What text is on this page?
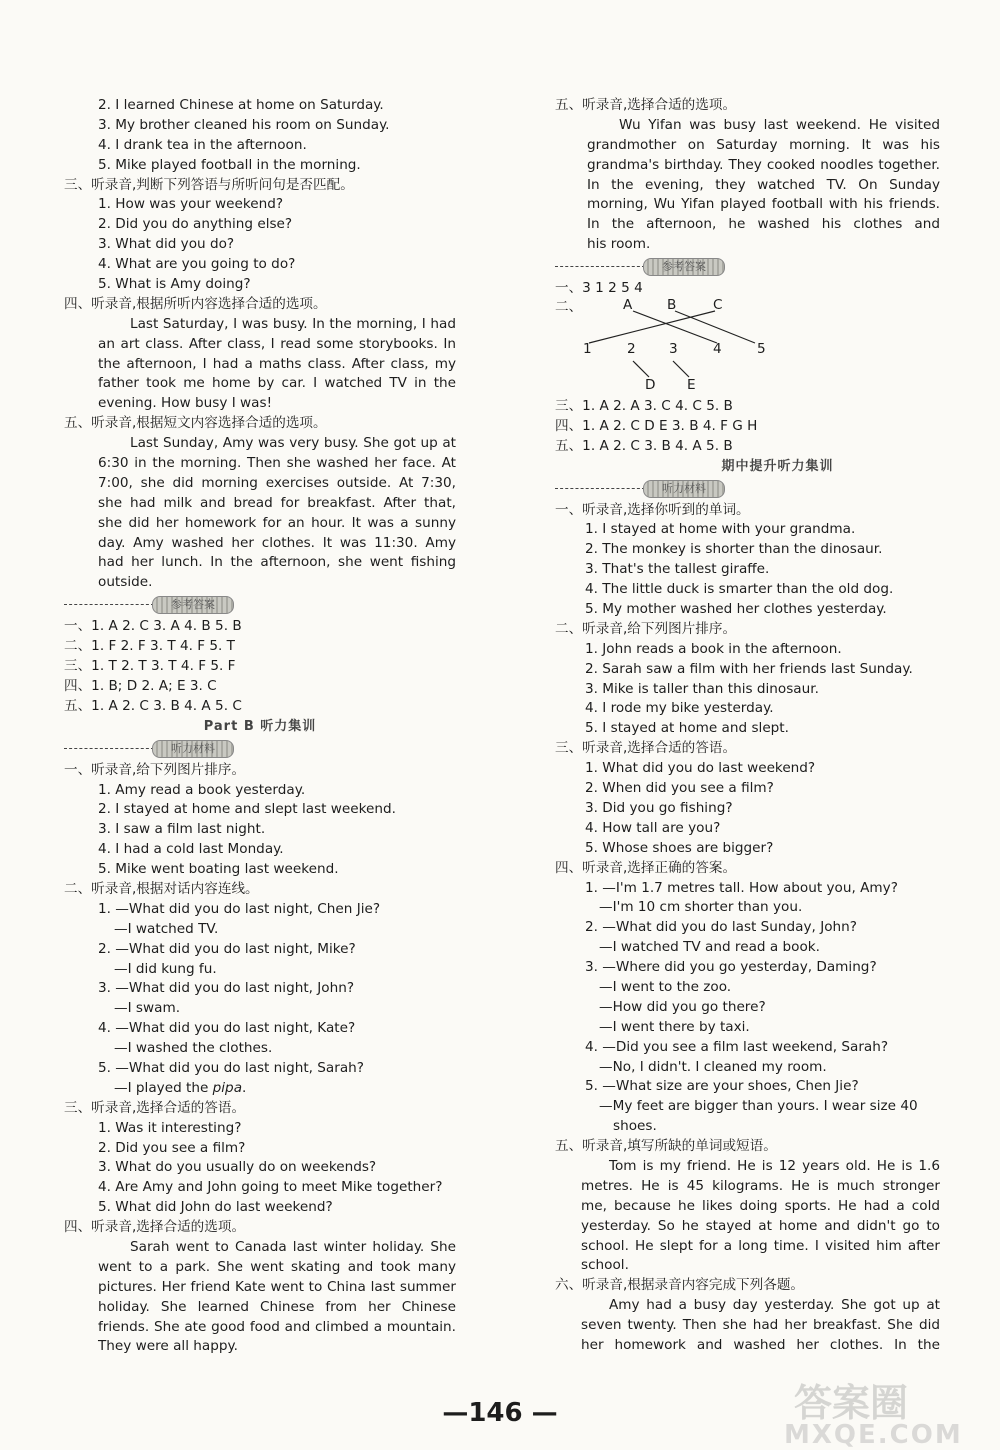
2. I learned Chinese at home on Saturday.
3. My brother cleaned his room on Sunday.
4. I drank tea in the afternoon.
5. Mike played football in the morning.
三、听录音,判断下列答语与所听问句是否匹配。
1. How was your weekend?
2. Did you do anything else?
3. What did you do?
4. What are you going to do?
5. What is Amy doing?
四、听录音,根据所听内容选择合适的选项。
Last Saturday, I was busy. In the morning, I had
an art class. After class, I read some storybooks. In
the afternoon, I had a maths class. After class, my
father took me home by car. I watched TV in the
evening. How busy I was!
五、听录音,根据短文内容选择合适的选项。
Last Sunday, Amy was very busy. She got up at
6:30 in the morning. Then she washed her face. At
7:00, she did morning exercises outside. At 7:30,
she had milk and bread for breakfast. After that,
she did her homework for an hour. It was a sunny
day. Amy washed her clothes. It was 11:30. Amy
had her lunch. In the afternoon, she went fishing
outside.
参考答案
一、1. A 2. C 3. A 4. B 5. B
二、1. F 2. F 3. T 4. F 5. T
三、1. T 2. T 3. T 4. F 5. F
四、1. B; D 2. A; E 3. C
五、1. A 2. C 3. B 4. A 5. C
Part B 听力集训
听力材料
一、听录音,给下列图片排序。
1. Amy read a book yesterday.
2. I stayed at home and slept last weekend.
3. I saw a film last night.
4. I had a cold last Monday.
5. Mike went boating last weekend.
二、听录音,根据对话内容连线。
1. —What did you do last night, Chen Jie?
—I watched TV.
2. —What did you do last night, Mike?
—I did kung fu.
3. —What did you do last night, John?
—I swam.
4. —What did you do last night, Kate?
—I washed the clothes.
5. —What did you do last night, Sarah?
—I played the pipa.
三、听录音,选择合适的答语。
1. Was it interesting?
2. Did you see a film?
3. What do you usually do on weekends?
4. Are Amy and John going to meet Mike together?
5. What did John do last weekend?
四、听录音,选择合适的选项。
Sarah went to Canada last winter holiday. She
went to a park. She went skating and took many
pictures. Her friend Kate went to China last summer
holiday. She learned Chinese from her Chinese
friends. She ate good food and climbed a mountain.
They were all happy.
五、听录音,选择合适的选项。
Wu Yifan was busy last weekend. He visited
grandmother on Saturday morning. It was his
grandma's birthday. They cooked noodles together.
In the evening, they watched TV. On Sunday
morning, Wu Yifan played football with his friends.
In the afternoon, he washed his clothes and
his room.
参考答案
一、3 1 2 5 4
二、	A	B	C
1	2 3	4	5
D E
三、1. A 2. A 3. C 4. C 5. B
四、1. A 2. C D E 3. B 4. F G H
五、1. A 2. C 3. B 4. A 5. B
期中提升听力集训
听力材料
一、听录音,选择你听到的单词。
1. I stayed at home with your grandma.
2. The monkey is shorter than the dinosaur.
3. That's the tallest giraffe.
4. The little duck is smarter than the old dog.
5. My mother washed her clothes yesterday.
二、听录音,给下列图片排序。
1. John reads a book in the afternoon.
2. Sarah saw a film with her friends last Sunday.
3. Mike is taller than this dinosaur.
4. I rode my bike yesterday.
5. I stayed at home and slept.
三、听录音,选择合适的答语。
1. What did you do last weekend?
2. When did you see a film?
3. Did you go fishing?
4. How tall are you?
5. Whose shoes are bigger?
四、听录音,选择正确的答案。
1. —I'm 1.7 metres tall. How about you, Amy?
—I'm 10 cm shorter than you.
2. —What did you do last Sunday, John?
—I watched TV and read a book.
3. —Where did you go yesterday, Daming?
—I went to the zoo.
—How did you go there?
—I went there by taxi.
4. —Did you see a film last weekend, Sarah?
—No, I didn't. I cleaned my room.
5. —What size are your shoes, Chen Jie?
—My feet are bigger than yours. I wear size 40
shoes.
五、听录音,填写所缺的单词或短语。
Tom is my friend. He is 12 years old. He is 1.6
metres. He is 45 kilograms. He is much stronger
me, because he likes doing sports. He had a cold
yesterday. So he stayed at home and didn't go to
school. He slept for a long time. I visited him after
school.
六、听录音,根据录音内容完成下列各题。
Amy had a busy day yesterday. She got up at
seven twenty. Then she had her breakfast. She did
her homework and washed her clothes. In the
—146 —	答案圈
MXQE.COM
